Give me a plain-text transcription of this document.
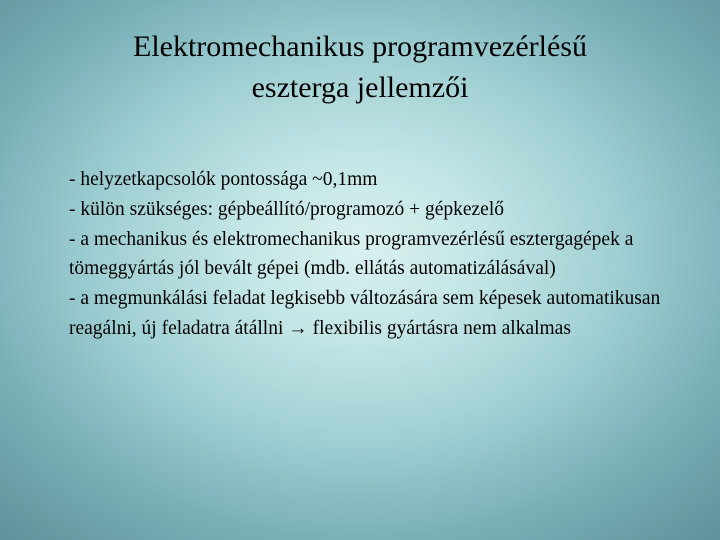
Elektromechanikus programvezérlésű
eszterga jellemzői
- helyzetkapcsolók pontossága ~0,1mm
- külön szükséges: gépbeállító/programozó + gépkezelő
- a mechanikus és elektromechanikus programvezérlésű esztergagépek a tömeggyártás jól bevált gépei (mdb. ellátás automatizálásával)
- a megmunkálási feladat legkisebb változására sem képesek automatikusan reagálni, új feladatra átállni → flexibilis gyártásra nem alkalmas
